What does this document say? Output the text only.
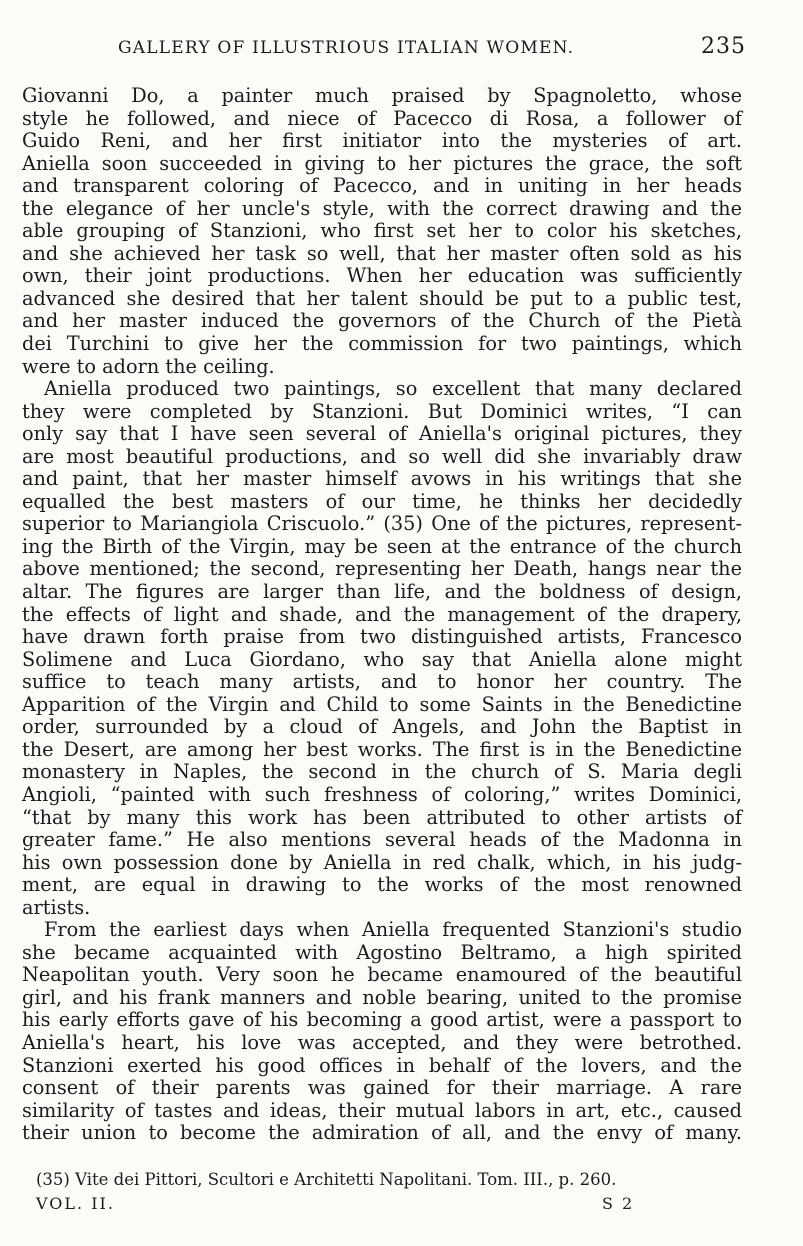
GALLERY OF ILLUSTRIOUS ITALIAN WOMEN.	235
Giovanni Do, a painter much praised by Spagnoletto, whose
style he followed, and niece of Pacecco di Rosa, a follower of
Guido Reni, and her first initiator into the mysteries of art.
Aniella soon succeeded in giving to her pictures the grace, the soft
and transparent coloring of Pacecco, and in uniting in her heads
the elegance of her uncle's style, with the correct drawing and the
able grouping of Stanzioni, who first set her to color his sketches,
and she achieved her task so well, that her master often sold as his
own, their joint productions. When her education was sufficiently
advanced she desired that her talent should be put to a public test,
and her master induced the governors of the Church of the Pietà
dei Turchini to give her the commission for two paintings, which
were to adorn the ceiling.
Aniella produced two paintings, so excellent that many declared
they were completed by Stanzioni. But Dominici writes, “I can
only say that I have seen several of Aniella's original pictures, they
are most beautiful productions, and so well did she invariably draw
and paint, that her master himself avows in his writings that she
equalled the best masters of our time, he thinks her decidedly
superior to Mariangiola Criscuolo.” (35) One of the pictures, represent-
ing the Birth of the Virgin, may be seen at the entrance of the church
above mentioned; the second, representing her Death, hangs near the
altar. The figures are larger than life, and the boldness of design,
the effects of light and shade, and the management of the drapery,
have drawn forth praise from two distinguished artists, Francesco
Solimene and Luca Giordano, who say that Aniella alone might
suffice to teach many artists, and to honor her country. The
Apparition of the Virgin and Child to some Saints in the Benedictine
order, surrounded by a cloud of Angels, and John the Baptist in
the Desert, are among her best works. The first is in the Benedictine
monastery in Naples, the second in the church of S. Maria degli
Angioli, “painted with such freshness of coloring,” writes Dominici,
“that by many this work has been attributed to other artists of
greater fame.” He also mentions several heads of the Madonna in
his own possession done by Aniella in red chalk, which, in his judg-
ment, are equal in drawing to the works of the most renowned
artists.
From the earliest days when Aniella frequented Stanzioni's studio
she became acquainted with Agostino Beltramo, a high spirited
Neapolitan youth. Very soon he became enamoured of the beautiful
girl, and his frank manners and noble bearing, united to the promise
his early efforts gave of his becoming a good artist, were a passport to
Aniella's heart, his love was accepted, and they were betrothed.
Stanzioni exerted his good offices in behalf of the lovers, and the
consent of their parents was gained for their marriage. A rare
similarity of tastes and ideas, their mutual labors in art, etc., caused
their union to become the admiration of all, and the envy of many.
(35) Vite dei Pittori, Scultori e Architetti Napolitani. Tom. III., p. 260.
VOL. II.	S 2
